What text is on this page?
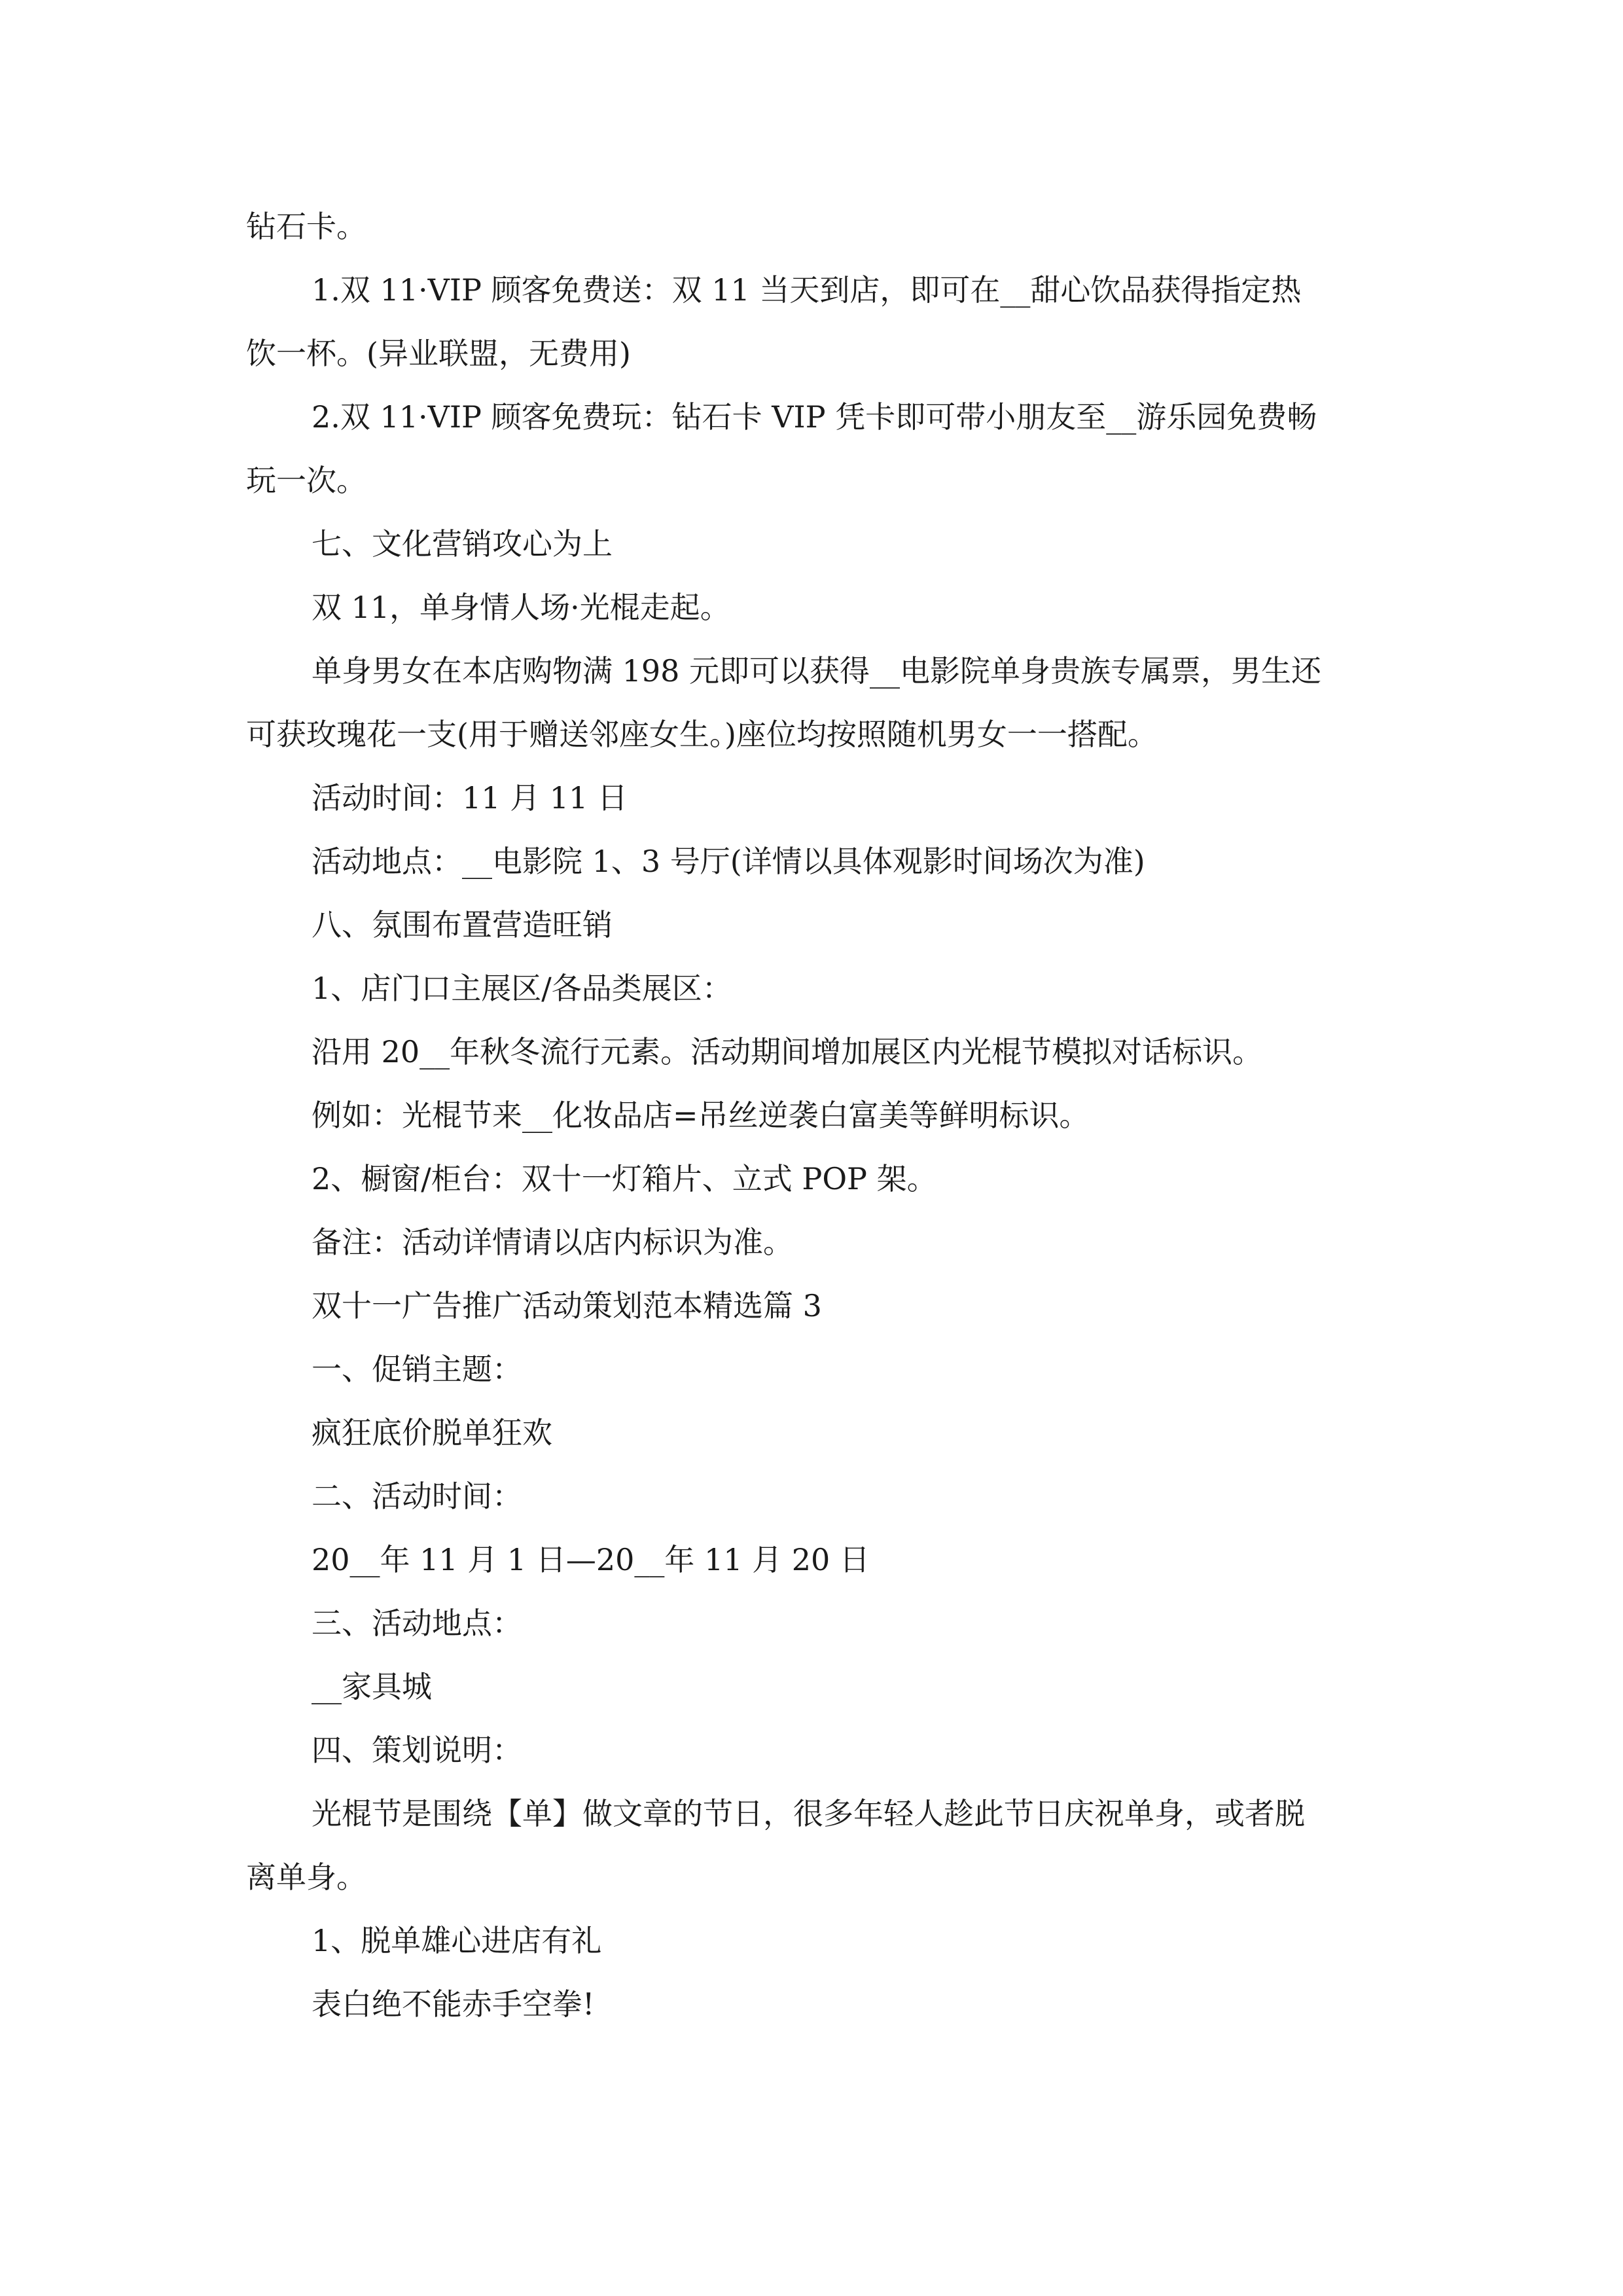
钻石卡。
1.双 11·VIP 顾客免费送：双 11 当天到店，即可在__甜心饮品获得指定热
饮一杯。(异业联盟，无费用)
2.双 11·VIP 顾客免费玩：钻石卡 VIP 凭卡即可带小朋友至__游乐园免费畅
玩一次。
七、文化营销攻心为上
双 11，单身情人场·光棍走起。
单身男女在本店购物满 198 元即可以获得__电影院单身贵族专属票，男生还
可获玫瑰花一支(用于赠送邻座女生。)座位均按照随机男女一一搭配。
活动时间：11 月 11 日
活动地点：__电影院 1、3 号厅(详情以具体观影时间场次为准)
八、氛围布置营造旺销
1、店门口主展区/各品类展区：
沿用 20__年秋冬流行元素。活动期间增加展区内光棍节模拟对话标识。
例如：光棍节来__化妆品店=吊丝逆袭白富美等鲜明标识。
2、橱窗/柜台：双十一灯箱片、立式 POP 架。
备注：活动详情请以店内标识为准。
双十一广告推广活动策划范本精选篇 3
一、促销主题：
疯狂底价脱单狂欢
二、活动时间：
20__年 11 月 1 日—20__年 11 月 20 日
三、活动地点：
__家具城
四、策划说明：
光棍节是围绕【单】做文章的节日，很多年轻人趁此节日庆祝单身，或者脱
离单身。
1、脱单雄心进店有礼
表白绝不能赤手空拳!
